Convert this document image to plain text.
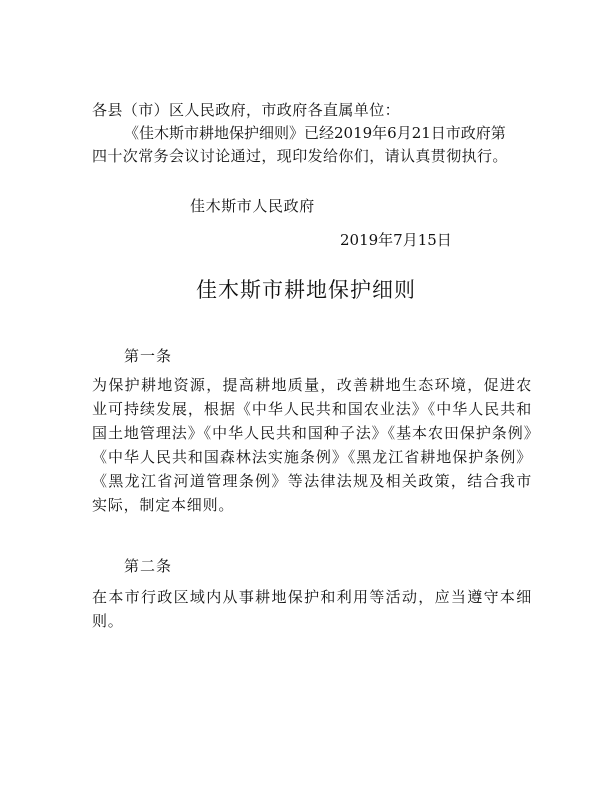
各县（市）区人民政府，市政府各直属单位：
《佳木斯市耕地保护细则》已经2019年6月21日市政府第
四十次常务会议讨论通过，现印发给你们，请认真贯彻执行。
佳木斯市人民政府
2019年7月15日
佳木斯市耕地保护细则
第一条
为保护耕地资源，提高耕地质量，改善耕地生态环境，促进农业可持续发展，根据《中华人民共和国农业法》《中华人民共和国土地管理法》《中华人民共和国种子法》《基本农田保护条例》《中华人民共和国森林法实施条例》《黑龙江省耕地保护条例》《黑龙江省河道管理条例》等法律法规及相关政策，结合我市实际，制定本细则。
第二条
在本市行政区域内从事耕地保护和利用等活动，应当遵守本细则。
